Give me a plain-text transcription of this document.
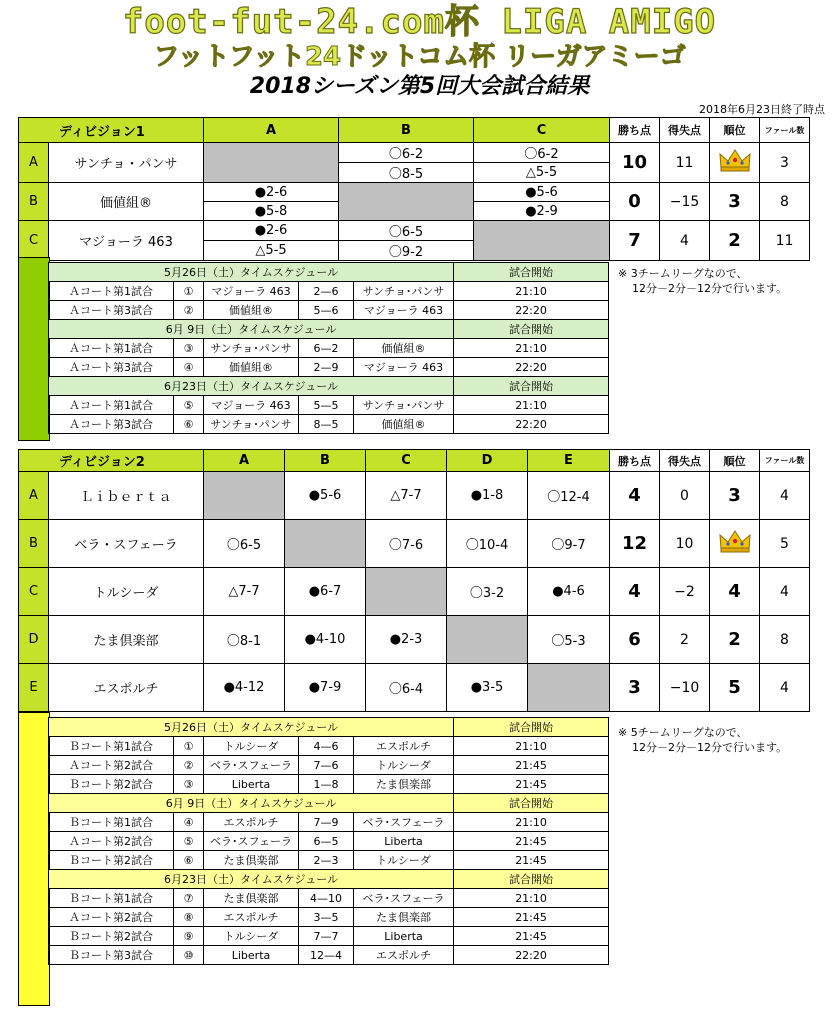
foot-fut-24.com杯 LIGA AMIGO
フットフット24ドットコム杯 リーガアミーゴ
2018シーズン第5回大会試合結果
2018年6月23日終了時点
ディビジョン1		A	B	C	勝ち点	得失点	順位	ファール数
A	サンチョ・パンサ		〇6-2	〇6-2	10	11		3
			〇8-5	△5-5				
B	価値組®	●2-6		●5-6	0	−15	3	8
		●5-8		●2-9				
C	マジョーラ 463	●2-6	〇6-5		7	4	2	11
		△5-5	〇9-2					
5月26日（土）タイムスケジュール					試合開始
Ａコート第1試合	①	マジョーラ 463	2—6	サンチョ･パンサ	21:10
Ａコート第3試合	②	価値組®	5—6	マジョーラ 463	22:20
6月 9日（土）タイムスケジュール					試合開始
Ａコート第1試合	③	サンチョ･パンサ	6—2	価値組®	21:10
Ａコート第3試合	④	価値組®	2—9	マジョーラ 463	22:20
6月23日（土）タイムスケジュール					試合開始
Ａコート第1試合	⑤	マジョーラ 463	5—5	サンチョ･パンサ	21:10
Ａコート第3試合	⑥	サンチョ･パンサ	8—5	価値組®	22:20
※ 3チームリーグなので、
12分－2分－12分で行います。
ディビジョン2		A	B	C	D	E	勝ち点	得失点	順位	ファール数
A	Ｌｉｂｅｒｔａ		●5-6	△7-7	●1-8	〇12-4	4	0	3	4
B	ベラ・スフェーラ	〇6-5		〇7-6	〇10-4	〇9-7	12	10		5
C	トルシーダ	△7-7	●6-7		〇3-2	●4-6	4	−2	4	4
D	たま倶楽部	〇8-1	●4-10	●2-3		〇5-3	6	2	2	8
E	エスポルチ	●4-12	●7-9	〇6-4	●3-5		3	−10	5	4
5月26日（土）タイムスケジュール					試合開始
Ｂコート第1試合	①	トルシーダ	4—6	エスポルチ	21:10
Ａコート第2試合	②	ベラ･スフェーラ	7—6	トルシーダ	21:45
Ｂコート第2試合	③	Liberta	1—8	たま倶楽部	21:45
6月 9日（土）タイムスケジュール					試合開始
Ｂコート第1試合	④	エスポルチ	7—9	ベラ･スフェーラ	21:10
Ａコート第2試合	⑤	ベラ･スフェーラ	6—5	Liberta	21:45
Ｂコート第2試合	⑥	たま倶楽部	2—3	トルシーダ	21:45
6月23日（土）タイムスケジュール					試合開始
Ｂコート第1試合	⑦	たま倶楽部	4—10	ベラ･スフェーラ	21:10
Ａコート第2試合	⑧	エスポルチ	3—5	たま倶楽部	21:45
Ｂコート第2試合	⑨	トルシーダ	7—7	Liberta	21:45
Ｂコート第3試合	⑩	Liberta	12—4	エスポルチ	22:20
※ 5チームリーグなので、
12分－2分－12分で行います。
